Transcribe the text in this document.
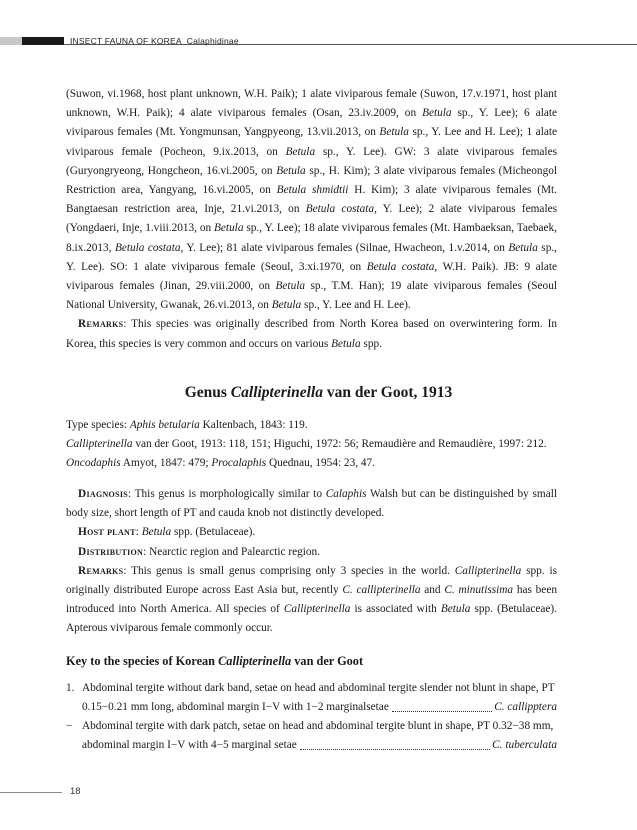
INSECT FAUNA OF KOREA Calaphidinae

(Suwon, vi.1968, host plant unknown, W.H. Paik); 1 alate viviparous female (Suwon, 17.v.1971, host plant unknown, W.H. Paik); 4 alate viviparous females (Osan, 23.iv.2009, on Betula sp., Y. Lee); 6 alate viviparous females (Mt. Yongmunsan, Yangpyeong, 13.vii.2013, on Betula sp., Y. Lee and H. Lee); 1 alate viviparous female (Pocheon, 9.ix.2013, on Betula sp., Y. Lee). GW: 3 alate viviparous females (Guryongryeong, Hongcheon, 16.vi.2005, on Betula sp., H. Kim); 3 alate viviparous females (Micheongol Restriction area, Yangyang, 16.vi.2005, on Betula shmidtii H. Kim); 3 alate viviparous females (Mt. Bangtaesan restriction area, Inje, 21.vi.2013, on Betula costata, Y. Lee); 2 alate viviparous females (Yongdaeri, Inje, 1.viii.2013, on Betula sp., Y. Lee); 18 alate viviparous females (Mt. Hambaeksan, Taebaek, 8.ix.2013, Betula costata, Y. Lee); 81 alate viviparous females (Silnae, Hwacheon, 1.v.2014, on Betula sp., Y. Lee). SO: 1 alate viviparous female (Seoul, 3.xi.1970, on Betula costata, W.H. Paik). JB: 9 alate viviparous females (Jinan, 29.viii.2000, on Betula sp., T.M. Han); 19 alate viviparous females (Seoul National University, Gwanak, 26.vi.2013, on Betula sp., Y. Lee and H. Lee).

Remarks: This species was originally described from North Korea based on overwintering form. In Korea, this species is very common and occurs on various Betula spp.

Genus Callipterinella van der Goot, 1913

Type species: Aphis betularia Kaltenbach, 1843: 119.

Callipterinella van der Goot, 1913: 118, 151; Higuchi, 1972: 56; Remaudière and Remaudière, 1997: 212.

Oncodaphis Amyot, 1847: 479; Procalaphis Quednau, 1954: 23, 47.

Diagnosis: This genus is morphologically similar to Calaphis Walsh but can be distinguished by small body size, short length of PT and cauda knob not distinctly developed.

Host plant: Betula spp. (Betulaceae).

Distribution: Nearctic region and Palearctic region.

Remarks: This genus is small genus comprising only 3 species in the world. Callipterinella spp. is originally distributed Europe across East Asia but, recently C. callipterinella and C. minutissima has been introduced into North America. All species of Callipterinella is associated with Betula spp. (Betulaceae). Apterous viviparous female commonly occur.

Key to the species of Korean Callipterinella van der Goot
1. Abdominal tergite without dark band, setae on head and abdominal tergite slender not blunt in shape, PT
0.15−0.21 mm long, abdominal margin I−V with 1−2 marginalsetae	C. callipptera
− Abdominal tergite with dark patch, setae on head and abdominal tergite blunt in shape, PT 0.32−38 mm,
abdominal margin I−V with 4−5 marginal setae	C. tuberculata
18
